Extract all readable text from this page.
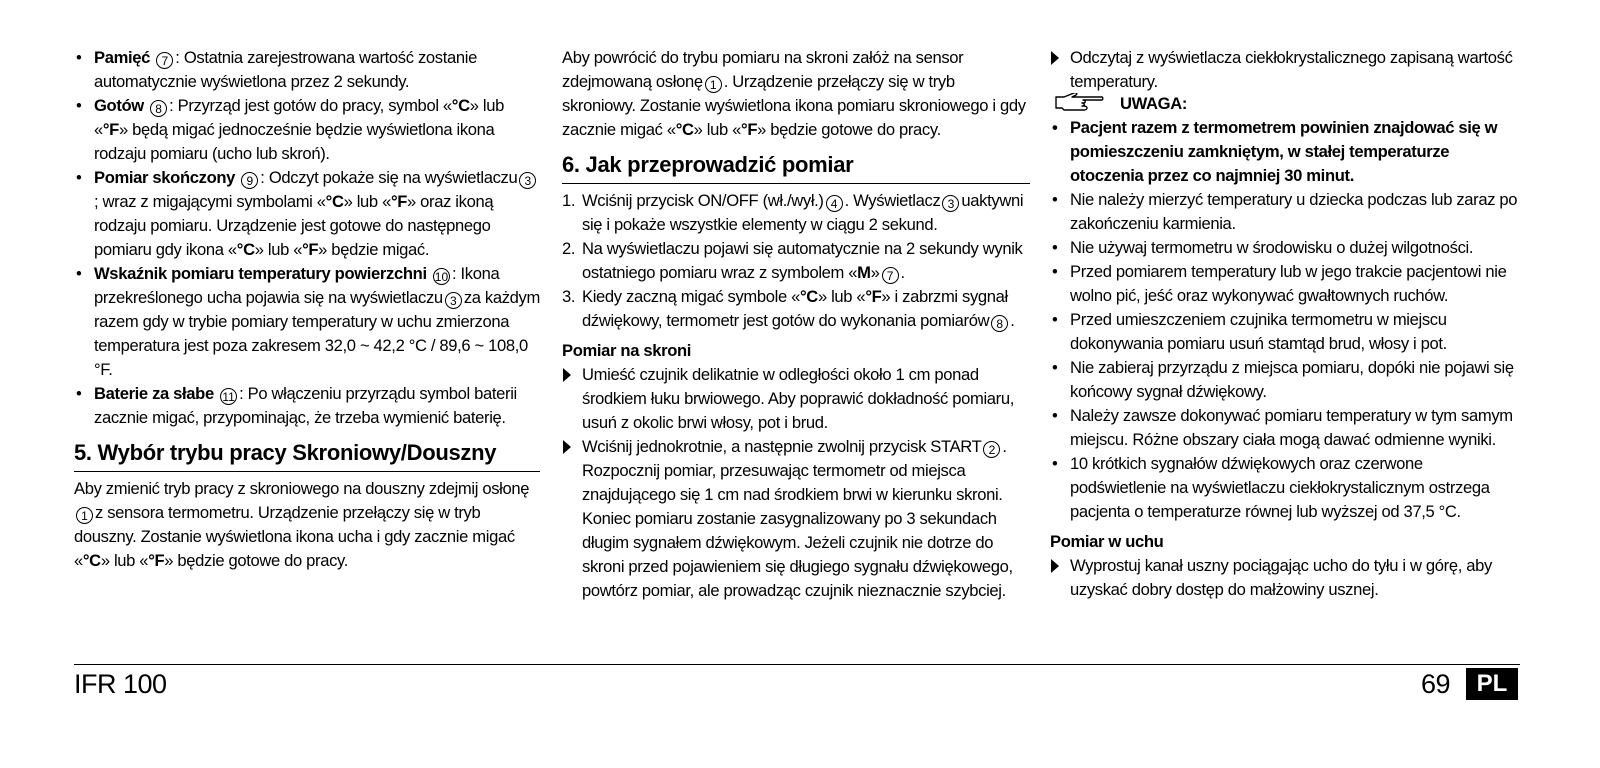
• Pamięć 7 : Ostatnia zarejestrowana wartość zostanie automatycznie wyświetlona przez 2 sekundy.

• Gotów 8 : Przyrząd jest gotów do pracy, symbol «°C» lub «°F» będą migać jednocześnie będzie wyświetlona ikona rodzaju pomiaru (ucho lub skroń).

• Pomiar skończony 9 : Odczyt pokaże się na wyświetlaczu 3; wraz z migającymi symbolami «°C» lub «°F» oraz ikoną rodzaju pomiaru. Urządzenie jest gotowe do następnego pomiaru gdy ikona «°C» lub «°F» będzie migać.

• Wskaźnik pomiaru temperatury powierzchni 10 : Ikona przekreślonego ucha pojawia się na wyświetlaczu 3 za każdym razem gdy w trybie pomiary temperatury w uchu zmierzona temperatura jest poza zakresem 32,0 ~ 42,2 °C / 89,6 ~ 108,0 °F.

• Baterie za słabe 11 : Po włączeniu przyrządu symbol baterii zacznie migać, przypominając, że trzeba wymienić baterię.

5. Wybór trybu pracy Skroniowy/Douszny

Aby zmienić tryb pracy z skroniowego na douszny zdejmij osłonę1 z sensora termometru. Urządzenie przełączy się w tryb douszny. Zostanie wyświetlona ikona ucha i gdy zacznie migać «°C» lub «°F» będzie gotowe do pracy.

Aby powrócić do trybu pomiaru na skroni załóż na sensor zdejmowaną osłonę 1 . Urządzenie przełączy się w tryb skroniowy. Zostanie wyświetlona ikona pomiaru skroniowego i gdy zacznie migać «°C» lub «°F» będzie gotowe do pracy.

6. Jak przeprowadzić pomiar

1. Wciśnij przycisk ON/OFF (wł./wył.) 4 . Wyświetlacz 3 uaktywni się i pokaże wszystkie elementy w ciągu 2 sekund.

2. Na wyświetlaczu pojawi się automatycznie na 2 sekundy wynik ostatniego pomiaru wraz z symbolem «M» 7 .

3. Kiedy zaczną migać symbole «°C» lub «°F» i zabrzmi sygnał dźwiękowy, termometr jest gotów do wykonania pomiarów 8 .

Pomiar na skroni

Umieść czujnik delikatnie w odległości około 1 cm ponad środkiem łuku brwiowego. Aby poprawić dokładność pomiaru, usuń z okolic brwi włosy, pot i brud.

Wciśnij jednokrotnie, a następnie zwolnij przycisk START 2 . Rozpocznij pomiar, przesuwając termometr od miejsca znajdującego się 1 cm nad środkiem brwi w kierunku skroni. Koniec pomiaru zostanie zasygnalizowany po 3 sekundach długim sygnałem dźwiękowym. Jeżeli czujnik nie dotrze do skroni przed pojawieniem się długiego sygnału dźwiękowego, powtórz pomiar, ale prowadząc czujnik nieznacznie szybciej.

Odczytaj z wyświetlacza ciekłokrystalicznego zapisaną wartość temperatury.

UWAGA:

• Pacjent razem z termometrem powinien znajdować się w pomieszczeniu zamkniętym, w stałej temperaturze otoczenia przez co najmniej 30 minut.

• Nie należy mierzyć temperatury u dziecka podczas lub zaraz po zakończeniu karmienia.

• Nie używaj termometru w środowisku o dużej wilgotności.

• Przed pomiarem temperatury lub w jego trakcie pacjentowi nie wolno pić, jeść oraz wykonywać gwałtownych ruchów.

• Przed umieszczeniem czujnika termometru w miejscu dokonywania pomiaru usuń stamtąd brud, włosy i pot.

• Nie zabieraj przyrządu z miejsca pomiaru, dopóki nie pojawi się końcowy sygnał dźwiękowy.

• Należy zawsze dokonywać pomiaru temperatury w tym samym miejscu. Różne obszary ciała mogą dawać odmienne wyniki.

• 10 krótkich sygnałów dźwiękowych oraz czerwone podświetlenie na wyświetlaczu ciekłokrystalicznym ostrzega pacjenta o temperaturze równej lub wyższej od 37,5 °C.

Pomiar w uchu

Wyprostuj kanał uszny pociągając ucho do tyłu i w górę, aby uzyskać dobry dostęp do małżowiny usznej.

IFR 100	69	PL
